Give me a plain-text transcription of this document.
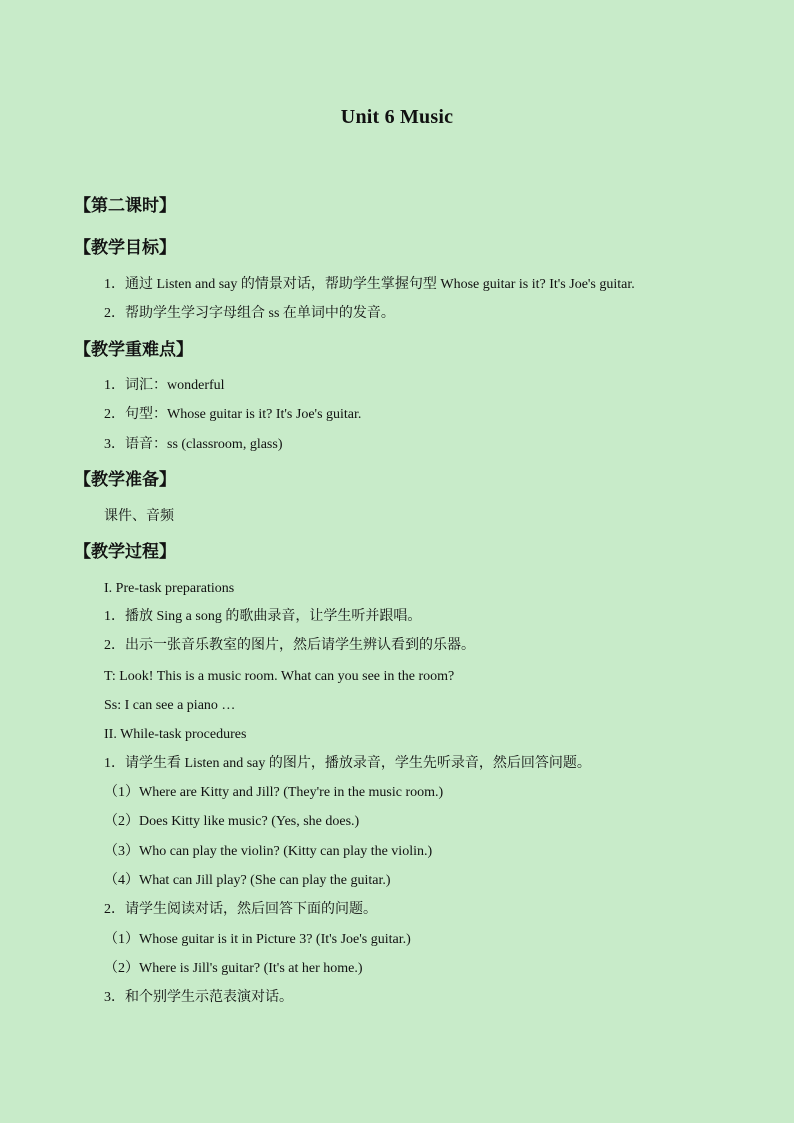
Unit 6 Music
【第二课时】
【教学目标】
1．通过 Listen and say 的情景对话，帮助学生掌握句型 Whose guitar is it? It's Joe's guitar.
2．帮助学生学习字母组合 ss 在单词中的发音。
【教学重难点】
1．词汇：wonderful
2．句型：Whose guitar is it? It's Joe's guitar.
3．语音：ss (classroom, glass)
【教学准备】
课件、音频
【教学过程】
I. Pre-task preparations
1．播放 Sing a song 的歌曲录音，让学生听并跟唱。
2．出示一张音乐教室的图片，然后请学生辨认看到的乐器。
T: Look! This is a music room. What can you see in the room?
Ss: I can see a piano …
II. While-task procedures
1．请学生看 Listen and say 的图片，播放录音，学生先听录音，然后回答问题。
（1）Where are Kitty and Jill? (They're in the music room.)
（2）Does Kitty like music? (Yes, she does.)
（3）Who can play the violin? (Kitty can play the violin.)
（4）What can Jill play? (She can play the guitar.)
2．请学生阅读对话，然后回答下面的问题。
（1）Whose guitar is it in Picture 3? (It's Joe's guitar.)
（2）Where is Jill's guitar? (It's at her home.)
3．和个别学生示范表演对话。
